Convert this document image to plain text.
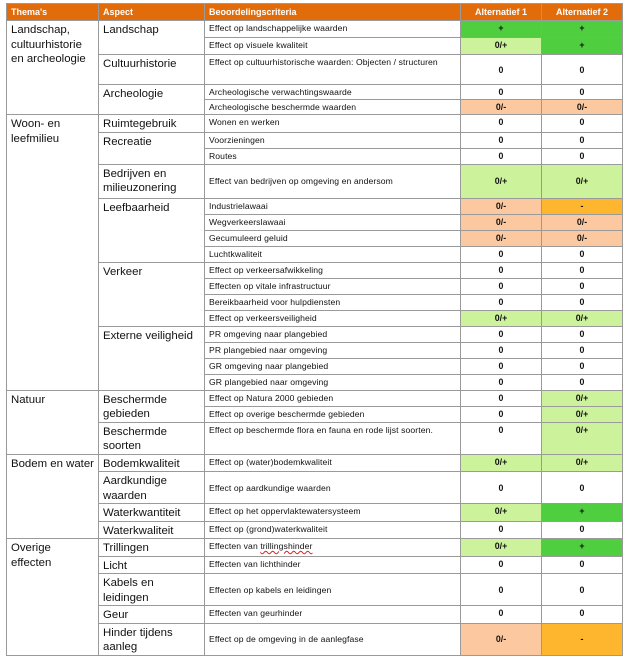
Thema's	Aspect	Beoordelingscriteria	Alternatief 1	Alternatief 2
Landschap, cultuurhistorie en archeologie	Landschap	Effect op landschappelijke waarden	+	+
		Effect op visuele kwaliteit	0/+	+
	Cultuurhistorie	Effect op cultuurhistorische waarden: Objecten / structuren	0	0
	Archeologie	Archeologische verwachtingswaarde	0	0
		Archeologische beschermde waarden	0/-	0/-
Woon- en leefmilieu	Ruimtegebruik	Wonen en werken	0	0
	Recreatie	Voorzieningen	0	0
		Routes	0	0
	Bedrijven en milieuzonering	Effect van bedrijven op omgeving en andersom	0/+	0/+
	Leefbaarheid	Industrielawaai	0/-	-
		Wegverkeerslawaai	0/-	0/-
		Gecumuleerd geluid	0/-	0/-
		Luchtkwaliteit	0	0
	Verkeer	Effect op verkeersafwikkeling	0	0
		Effecten op vitale infrastructuur	0	0
		Bereikbaarheid voor hulpdiensten	0	0
		Effect op verkeersveiligheid	0/+	0/+
	Externe veiligheid	PR omgeving naar plangebied	0	0
		PR plangebied naar omgeving	0	0
		GR omgeving naar plangebied	0	0
		GR plangebied naar omgeving	0	0
Natuur	Beschermde gebieden	Effect op Natura 2000 gebieden	0	0/+
		Effect op overige beschermde gebieden	0	0/+
	Beschermde soorten	Effect op beschermde flora en fauna en rode lijst soorten.	0	0/+
Bodem en water	Bodemkwaliteit	Effect op (water)bodemkwaliteit	0/+	0/+
	Aardkundige waarden	Effect op aardkundige waarden	0	0
	Waterkwantiteit	Effect op het oppervlaktewatersysteem	0/+	+
	Waterkwaliteit	Effect op (grond)waterkwaliteit	0	0
Overige effecten	Trillingen	Effecten van trillingshinder	0/+	+
	Licht	Effecten van lichthinder	0	0
	Kabels en leidingen	Effecten op kabels en leidingen	0	0
	Geur	Effecten van geurhinder	0	0
	Hinder tijdens aanleg	Effect op de omgeving in de aanlegfase	0/-	-
